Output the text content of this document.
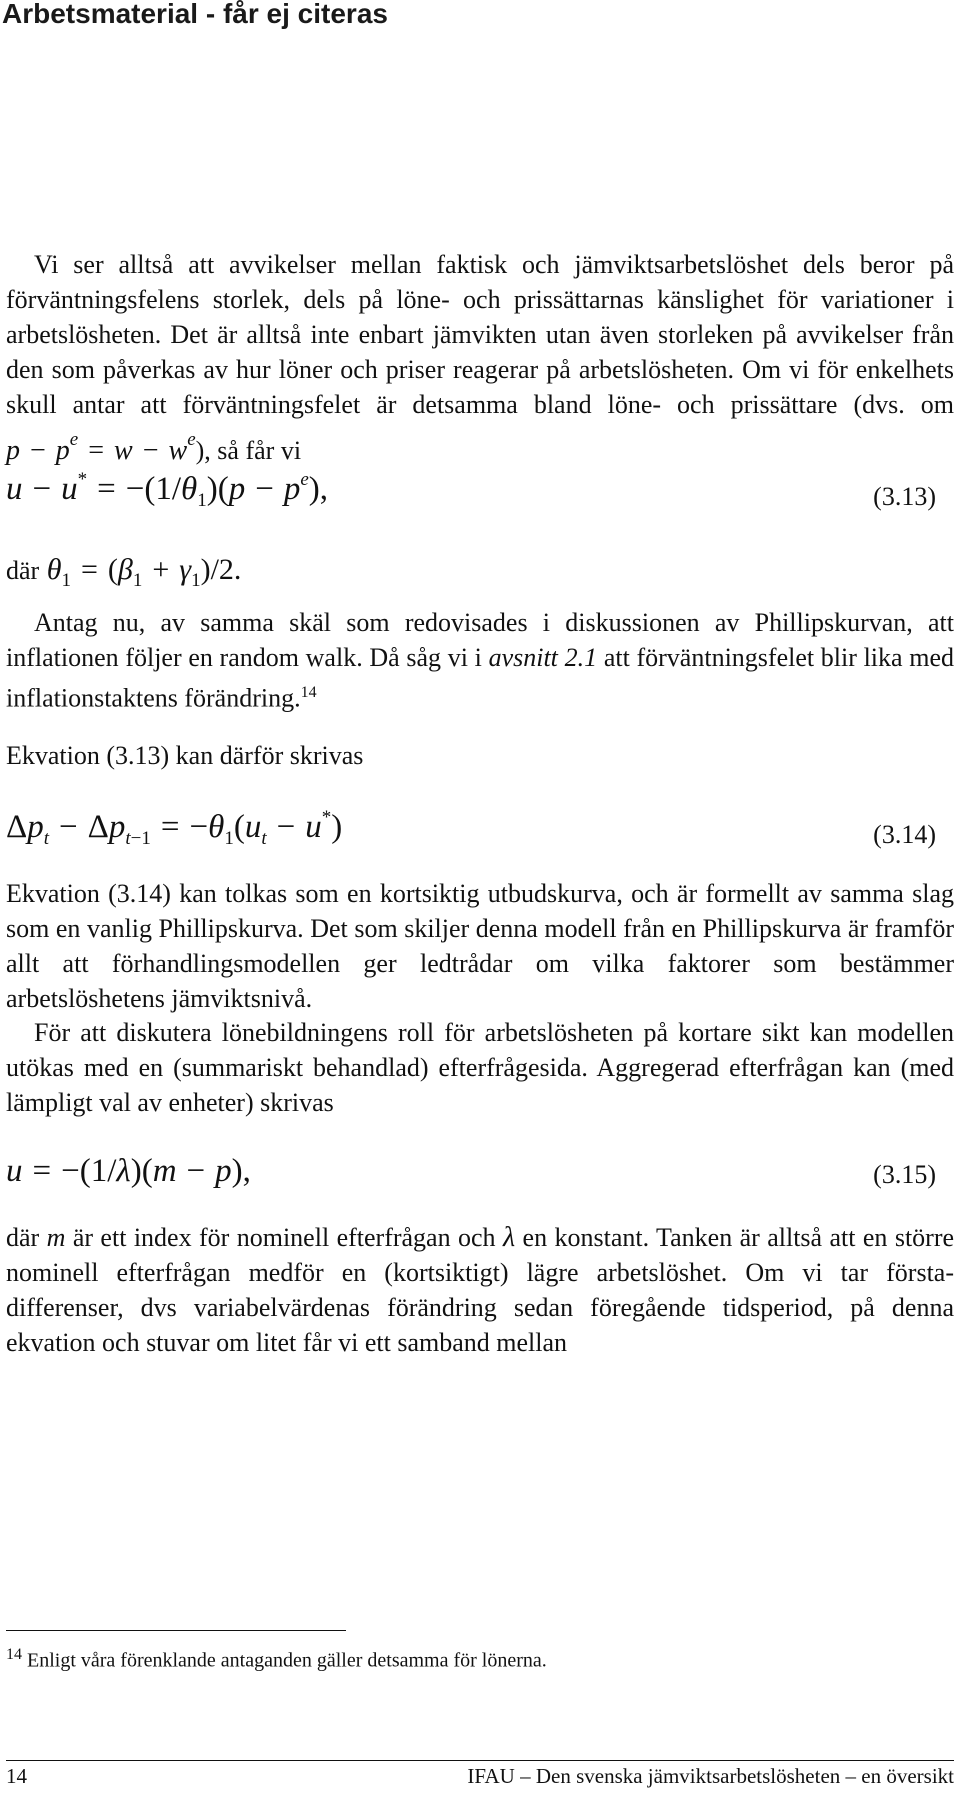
Arbetsmaterial - får ej citeras

Vi ser alltså att avvikelser mellan faktisk och jämviktsarbetslöshet dels beror på förväntningsfelens storlek, dels på löne- och prissättarnas känslighet för variationer i arbetslösheten. Det är alltså inte enbart jämvikten utan även storleken på avvikelser från den som påverkas av hur löner och priser reagerar på arbetslösheten. Om vi för enkelhets skull antar att förväntningsfelet är detsamma bland löne- och prissättare (dvs. om $p - p^e = w - w^e$), så får vi

$u - u^* = -(1/\theta_1)(p - p^e)$,	(3.13)
där $\theta_1 = (\beta_1 + \gamma_1)/2$.

Antag nu, av samma skäl som redovisades i diskussionen av Phillipskurvan, att inflationen följer en random walk. Då såg vi i avsnitt 2.1 att förväntningsfelet blir lika med inflationstaktens förändring.$^{14}$

Ekvation (3.13) kan därför skrivas

$\Delta p_t - \Delta p_{t-1} = -\theta_1(u_t - u^*)$	(3.14)

Ekvation (3.14) kan tolkas som en kortsiktig utbudskurva, och är formellt av samma slag som en vanlig Phillipskurva. Det som skiljer denna modell från en Phillipskurva är framför allt att förhandlingsmodellen ger ledtrådar om vilka faktorer som bestämmer arbetslöshetens jämviktsnivå.

För att diskutera lönebildningens roll för arbetslösheten på kortare sikt kan modellen utökas med en (summariskt behandlad) efterfrågesida. Aggregerad efterfrågan kan (med lämpligt val av enheter) skrivas

u = −(1/λ)(m − p),	(3.15)

där m är ett index för nominell efterfrågan och λ en konstant. Tanken är alltså att en större nominell efterfrågan medför en (kortsiktigt) lägre arbetslöshet. Om vi tar första-differenser, dvs variabelvärdenas förändring sedan föregående tidsperiod, på denna ekvation och stuvar om litet får vi ett samband mellan

$^{14}$ Enligt våra förenklande antaganden gäller detsamma för lönerna.
14	IFAU – Den svenska jämviktsarbetslösheten – en översikt
